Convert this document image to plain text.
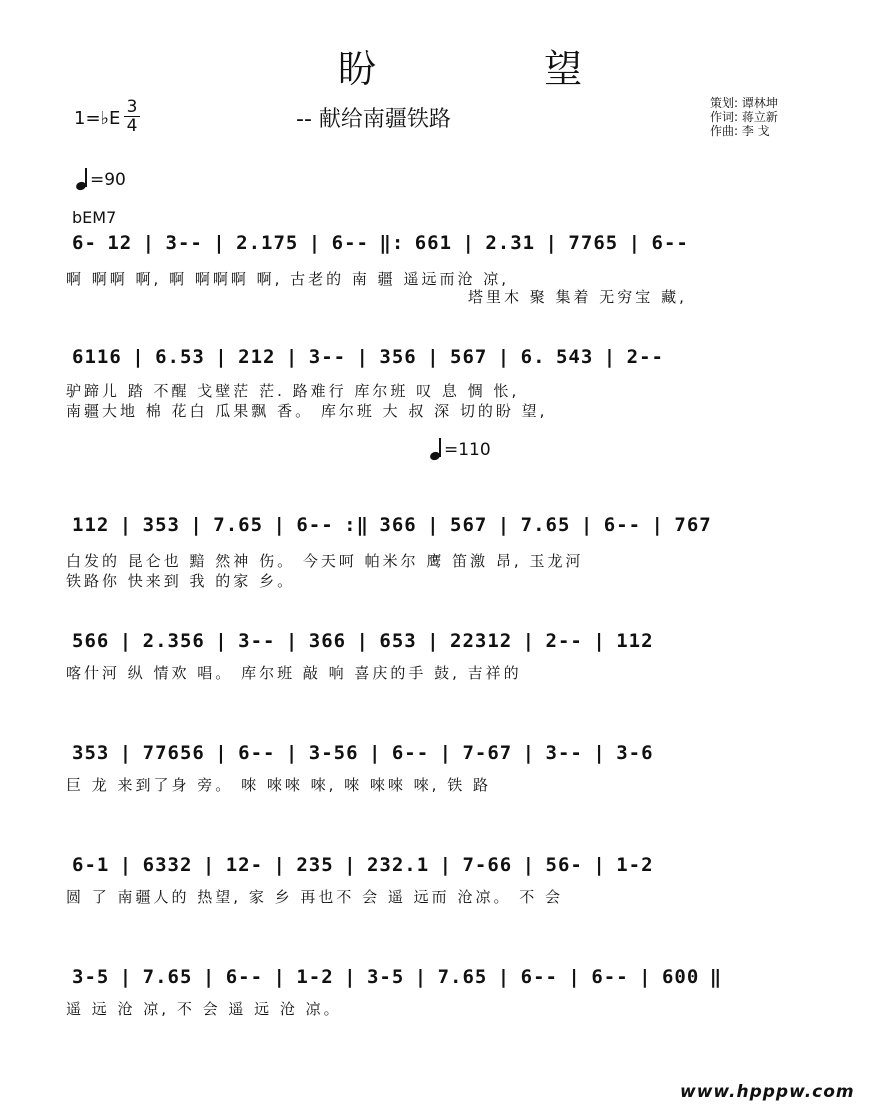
盼 望
-- 献给南疆铁路
1=♭E $\frac{3}{4}$	策划: 谭林坤
作词: 蒋立新
作曲: 李 戈
=90
bEM7
6- 12 | 3-- | 2.175 | 6-- ‖: 661 | 2.31 | 7765 | 6--
啊 啊啊 啊, 啊 啊啊啊 啊, 古老的 南 疆 遥远而沧 凉,
塔里木 聚 集着 无穷宝 藏,
6116 | 6.53 | 212 | 3-- | 356 | 567 | 6. 543 | 2--
驴蹄儿 踏 不醒 戈壁茫 茫. 路难行 库尔班 叹 息 惆 怅,
南疆大地 棉 花白 瓜果飘 香。 库尔班 大 叔 深 切的盼 望,
=110
112 | 353 | 7.65 | 6-- :‖ 366 | 567 | 7.65 | 6-- | 767
白发的 昆仑也 黯 然神 伤。 今天呵 帕米尔 鹰 笛激 昂, 玉龙河
铁路你 快来到 我 的家 乡。
566 | 2.356 | 3-- | 366 | 653 | 22312 | 2-- | 112
喀什河 纵 情欢 唱。 库尔班 敲 响 喜庆的手 鼓, 吉祥的
353 | 77656 | 6-- | 3-56 | 6-- | 7-67 | 3-- | 3-6
巨 龙 来到了身 旁。 唻 唻唻 唻, 唻 唻唻 唻, 铁 路
6-1 | 6332 | 12- | 235 | 232.1 | 7-66 | 56- | 1-2
圆 了 南疆人的 热望, 家 乡 再也不 会 遥 远而 沧凉。 不 会
3-5 | 7.65 | 6-- | 1-2 | 3-5 | 7.65 | 6-- | 6-- | 600 ‖
遥 远 沧 凉, 不 会 遥 远 沧 凉。
www.hpppw.com
